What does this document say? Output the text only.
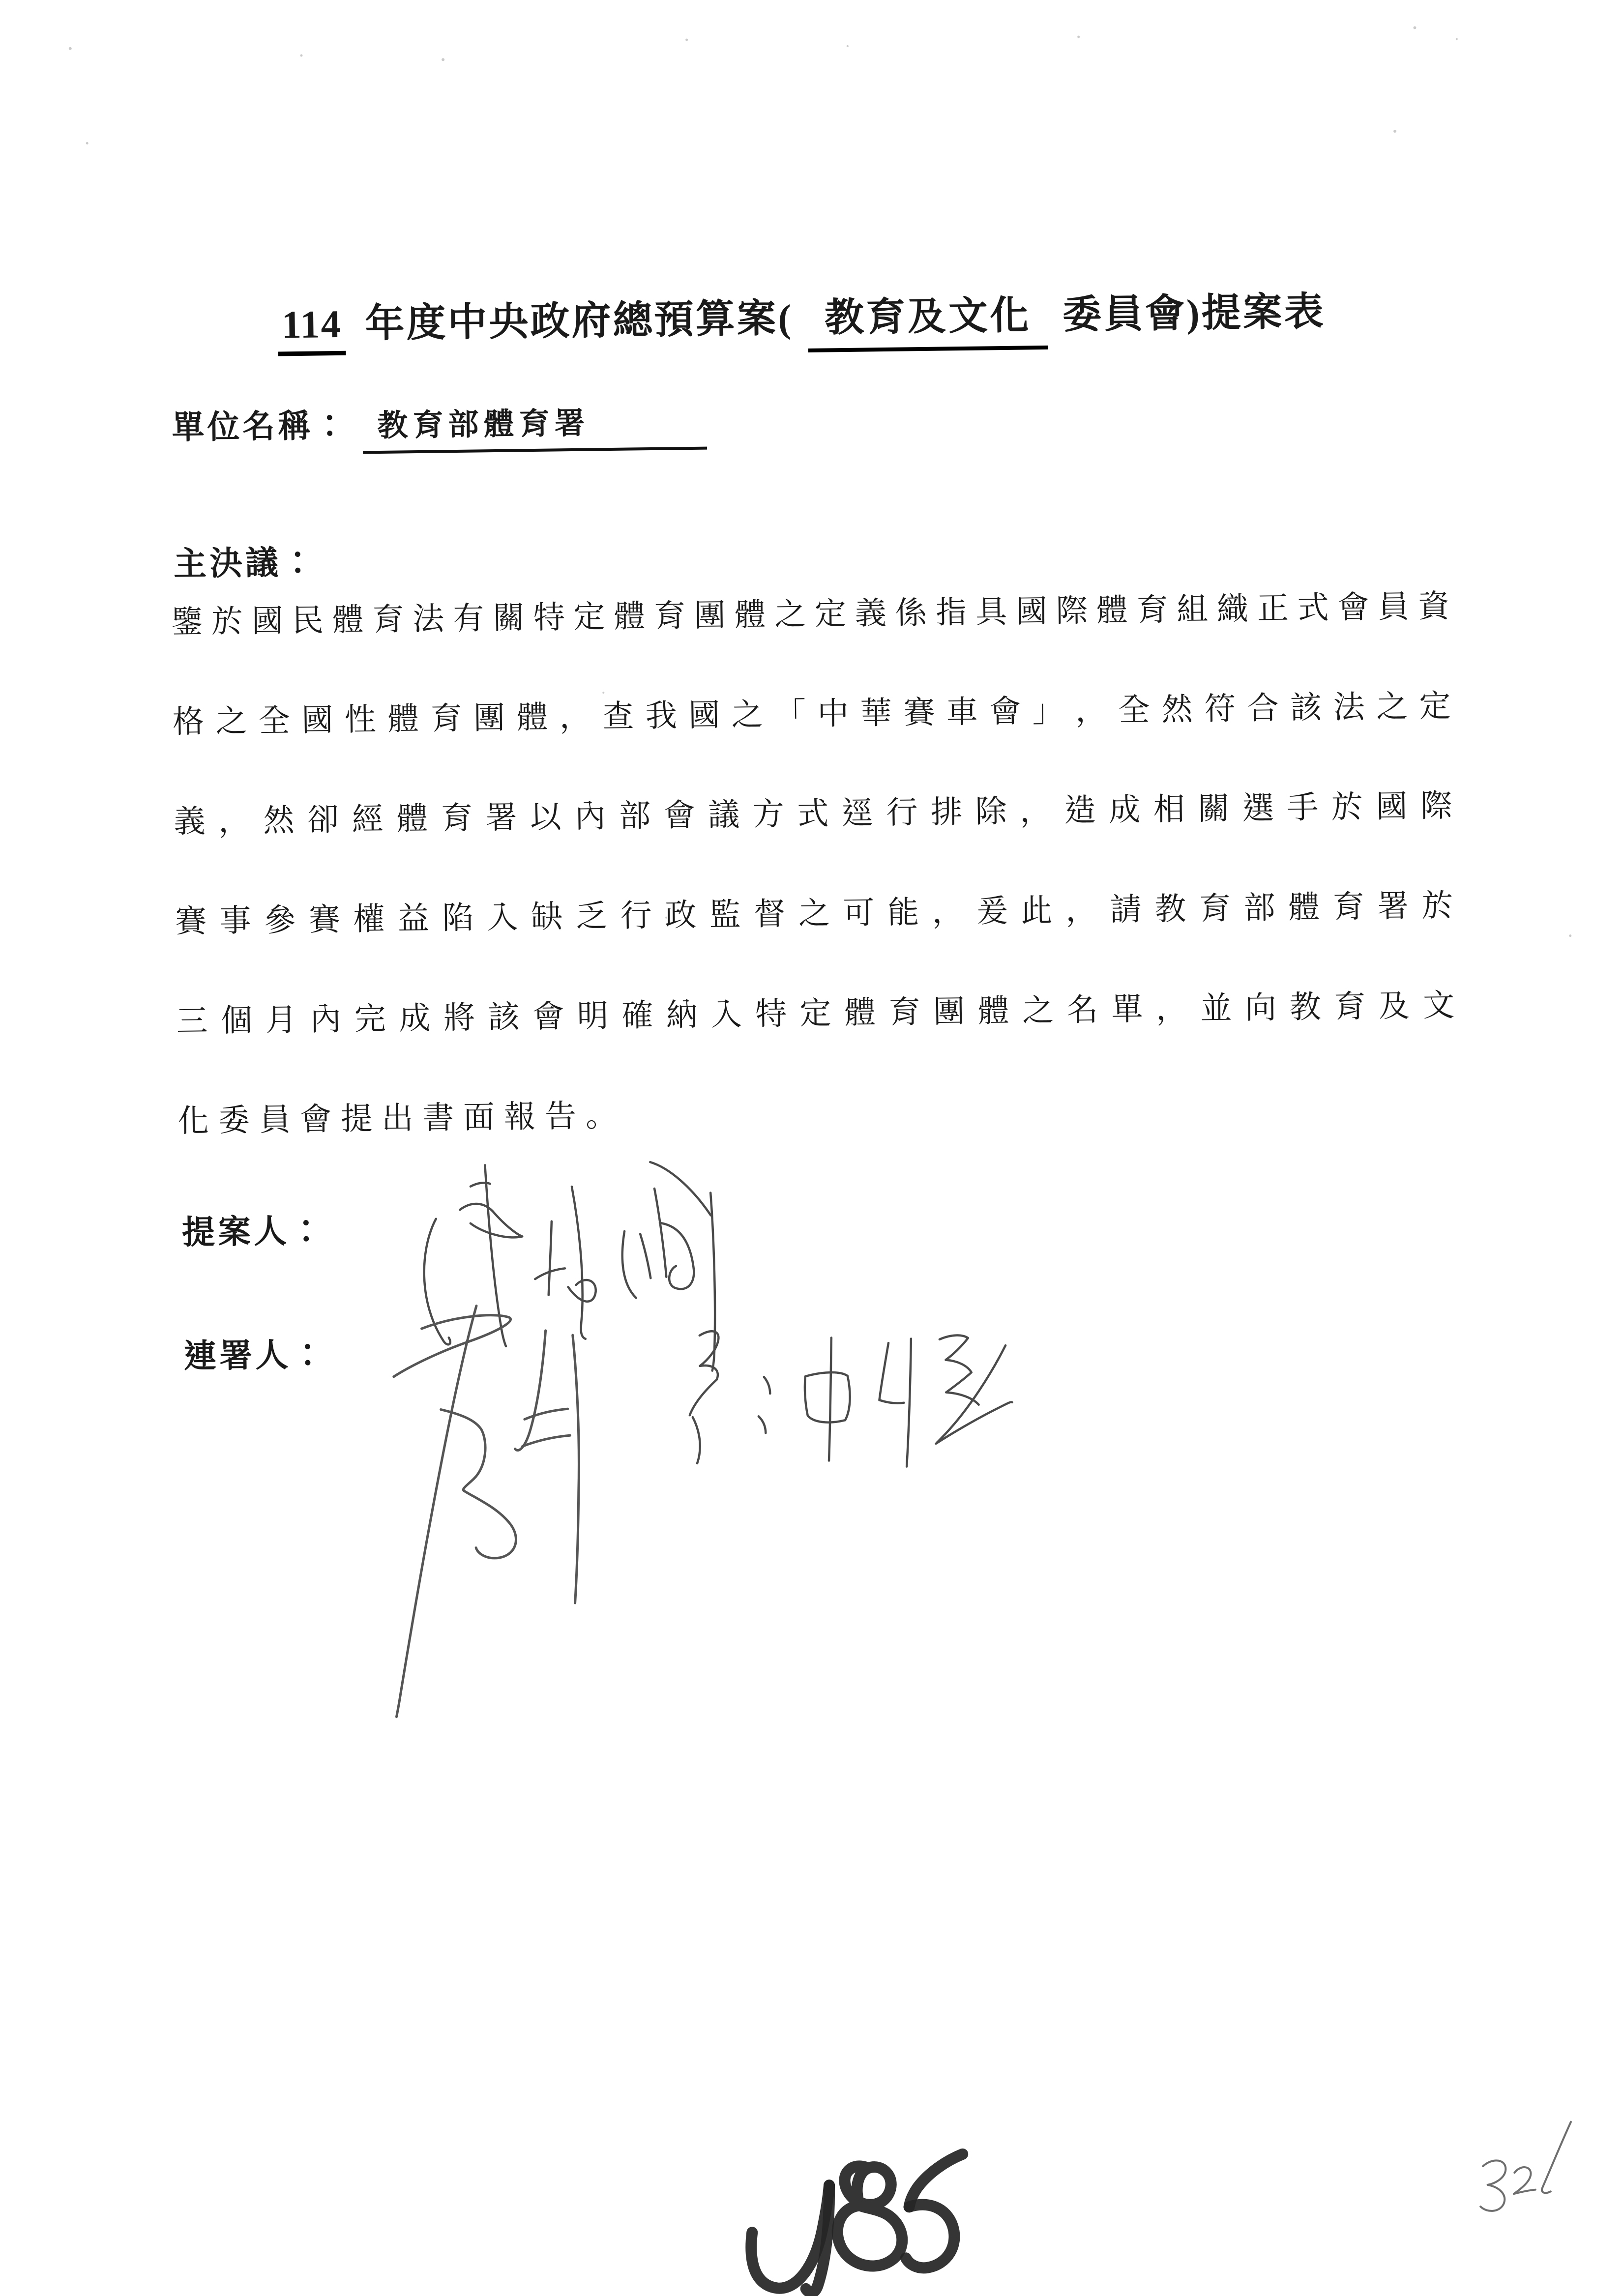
114 年度中央政府總預算案( 教育及文化 委員會)提案表
單位名稱： 教育部體育署
主決議：
鑒 於 國 民 體 育 法 有 關 特 定 體 育 團 體 之 定 義 係 指 具 國 際 體 育 組 織 正 式 會 員 資
格 之 全 國 性 體 育 團 體 ， 查 我 國 之 「 中 華 賽 車 會 」 ， 全 然 符 合 該 法 之 定
義 ， 然 卻 經 體 育 署 以 內 部 會 議 方 式 逕 行 排 除 ， 造 成 相 關 選 手 於 國 際
賽 事 參 賽 權 益 陷 入 缺 乏 行 政 監 督 之 可 能 ， 爰 此 ， 請 教 育 部 體 育 署 於
三 個 月 內 完 成 將 該 會 明 確 納 入 特 定 體 育 團 體 之 名 單 ， 並 向 教 育 及 文
化 委 員 會 提 出 書 面 報 告 。
提案人：
連署人：
